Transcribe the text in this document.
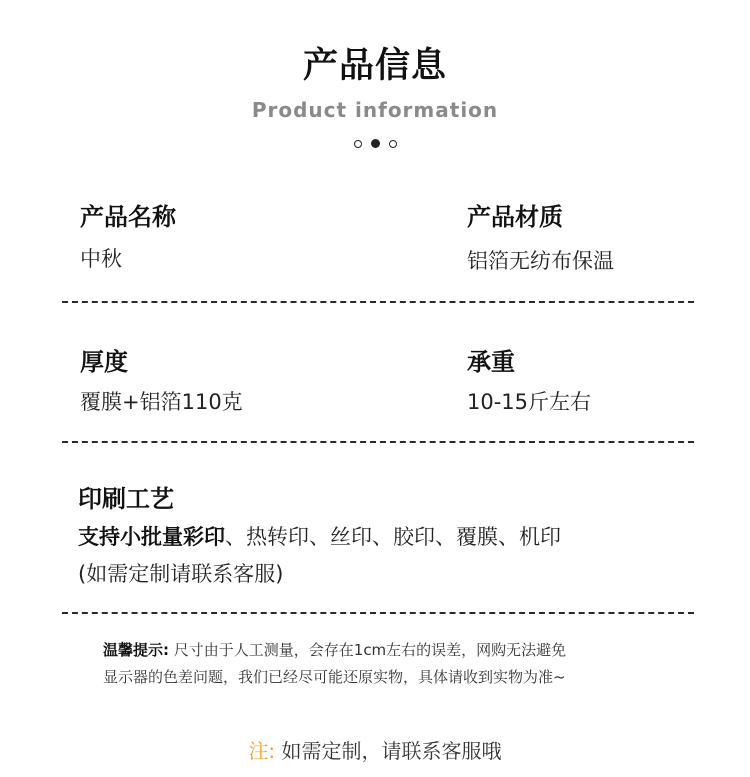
产品信息
Product information
产品名称
中秋
产品材质
铝箔无纺布保温
厚度
覆膜+铝箔110克
承重
10-15斤左右
印刷工艺
支持小批量彩印、热转印、丝印、胶印、覆膜、机印
(如需定制请联系客服)
温馨提示: 尺寸由于人工测量，会存在1cm左右的误差，网购无法避免
显示器的色差问题，我们已经尽可能还原实物，具体请收到实物为准~
注: 如需定制，请联系客服哦
